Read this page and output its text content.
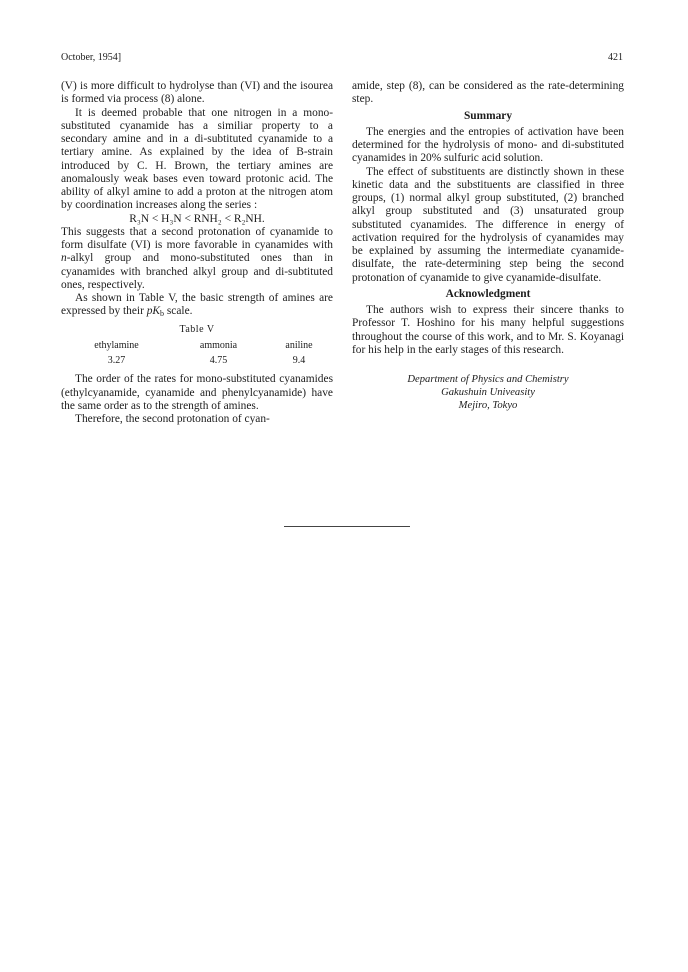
October, 1954]	421

(V) is more difficult to hydrolyse than (VI) and the isourea is formed via process (8) alone.

It is deemed probable that one nitrogen in a mono-substituted cyanamide has a similiar property to a secondary amine and in a di-subtituted cyanamide to a tertiary amine. As explained by the idea of B-strain introduced by C. H. Brown, the tertiary amines are anomalously weak bases even toward protonic acid. The ability of alkyl amine to add a proton at the nitrogen atom by coordination increases along the series :

R₃N < H₃N < RNH₂ < R₂NH.

This suggests that a second protonation of cyanamide to form disulfate (VI) is more favorable in cyanamides with n-alkyl group and mono-substituted ones than in cyanamides with branched alkyl group and di-subtituted ones, respectively.

As shown in Table V, the basic strength of amines are expressed by their $pK_b$ scale.

Table V
ethylamine	ammonia	aniline
3.27	4.75	9.4

The order of the rates for mono-substituted cyanamides (ethylcyanamide, cyanamide and phenylcyanamide) have the same order as to the strength of amines.

Therefore, the second protonation of cyan-

amide, step (8), can be considered as the rate-determining step.

Summary

The energies and the entropies of activation have been determined for the hydrolysis of mono- and di-substituted cyanamides in 20% sulfuric acid solution.

The effect of substituents are distinctly shown in these kinetic data and the substituents are classified in three groups, (1) normal alkyl group substituted, (2) branched alkyl group substituted and (3) unsaturated group substituted cyanamides. The difference in energy of activation required for the hydrolysis of cyanamides may be explained by assuming the intermediate cyanamide-disulfate, the rate-determining step being the second protonation of cyanamide to give cyanamide-disulfate.

Acknowledgment

The authors wish to express their sincere thanks to Professor T. Hoshino for his many helpful suggestions throughout the course of this work, and to Mr. S. Koyanagi for his help in the early stages of this research.

Department of Physics and Chemistry
Gakushuin Univeasity
Mejiro, Tokyo
